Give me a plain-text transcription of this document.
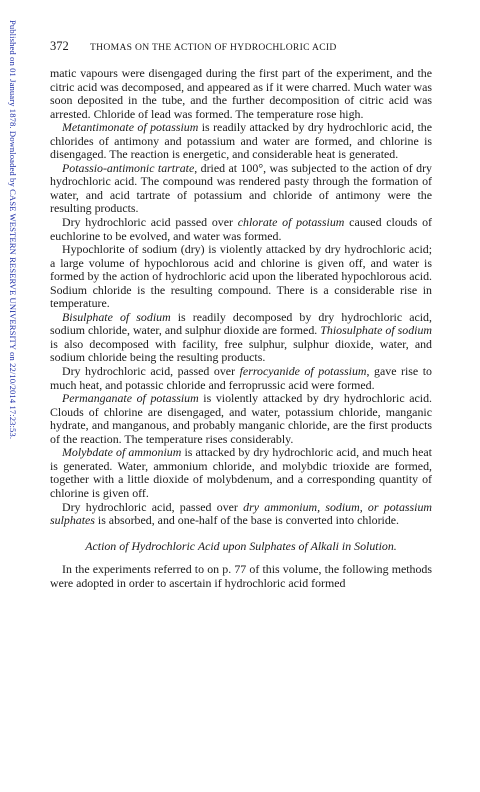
Published on 01 January 1878. Downloaded by CASE WESTERN RESERVE UNIVERSITY on 22/10/2014 17:23:53.	372	THOMAS ON THE ACTION OF HYDROCHLORIC ACID

matic vapours were disengaged during the first part of the experiment, and the citric acid was decomposed, and appeared as if it were charred. Much water was soon deposited in the tube, and the further decomposition of citric acid was arrested. Chloride of lead was formed. The temperature rose high.

Metantimonate of potassium is readily attacked by dry hydrochloric acid, the chlorides of antimony and potassium and water are formed, and chlorine is disengaged. The reaction is energetic, and considerable heat is generated.

Potassio-antimonic tartrate, dried at 100°, was subjected to the action of dry hydrochloric acid. The compound was rendered pasty through the formation of water, and acid tartrate of potassium and chloride of antimony were the resulting products.

Dry hydrochloric acid passed over chlorate of potassium caused clouds of euchlorine to be evolved, and water was formed.

Hypochlorite of sodium (dry) is violently attacked by dry hydrochloric acid; a large volume of hypochlorous acid and chlorine is given off, and water is formed by the action of hydrochloric acid upon the liberated hypochlorous acid. Sodium chloride is the resulting compound. There is a considerable rise in temperature.

Bisulphate of sodium is readily decomposed by dry hydrochloric acid, sodium chloride, water, and sulphur dioxide are formed. Thiosulphate of sodium is also decomposed with facility, free sulphur, sulphur dioxide, water, and sodium chloride being the resulting products.

Dry hydrochloric acid, passed over ferrocyanide of potassium, gave rise to much heat, and potassic chloride and ferroprussic acid were formed.

Permanganate of potassium is violently attacked by dry hydrochloric acid. Clouds of chlorine are disengaged, and water, potassium chloride, manganic hydrate, and manganous, and probably manganic chloride, are the first products of the reaction. The temperature rises considerably.

Molybdate of ammonium is attacked by dry hydrochloric acid, and much heat is generated. Water, ammonium chloride, and molybdic trioxide are formed, together with a little dioxide of molybdenum, and a corresponding quantity of chlorine is given off.

Dry hydrochloric acid, passed over dry ammonium, sodium, or potassium sulphates is absorbed, and one-half of the base is converted into chloride.

Action of Hydrochloric Acid upon Sulphates of Alkali in Solution.

In the experiments referred to on p. 77 of this volume, the following methods were adopted in order to ascertain if hydrochloric acid formed
